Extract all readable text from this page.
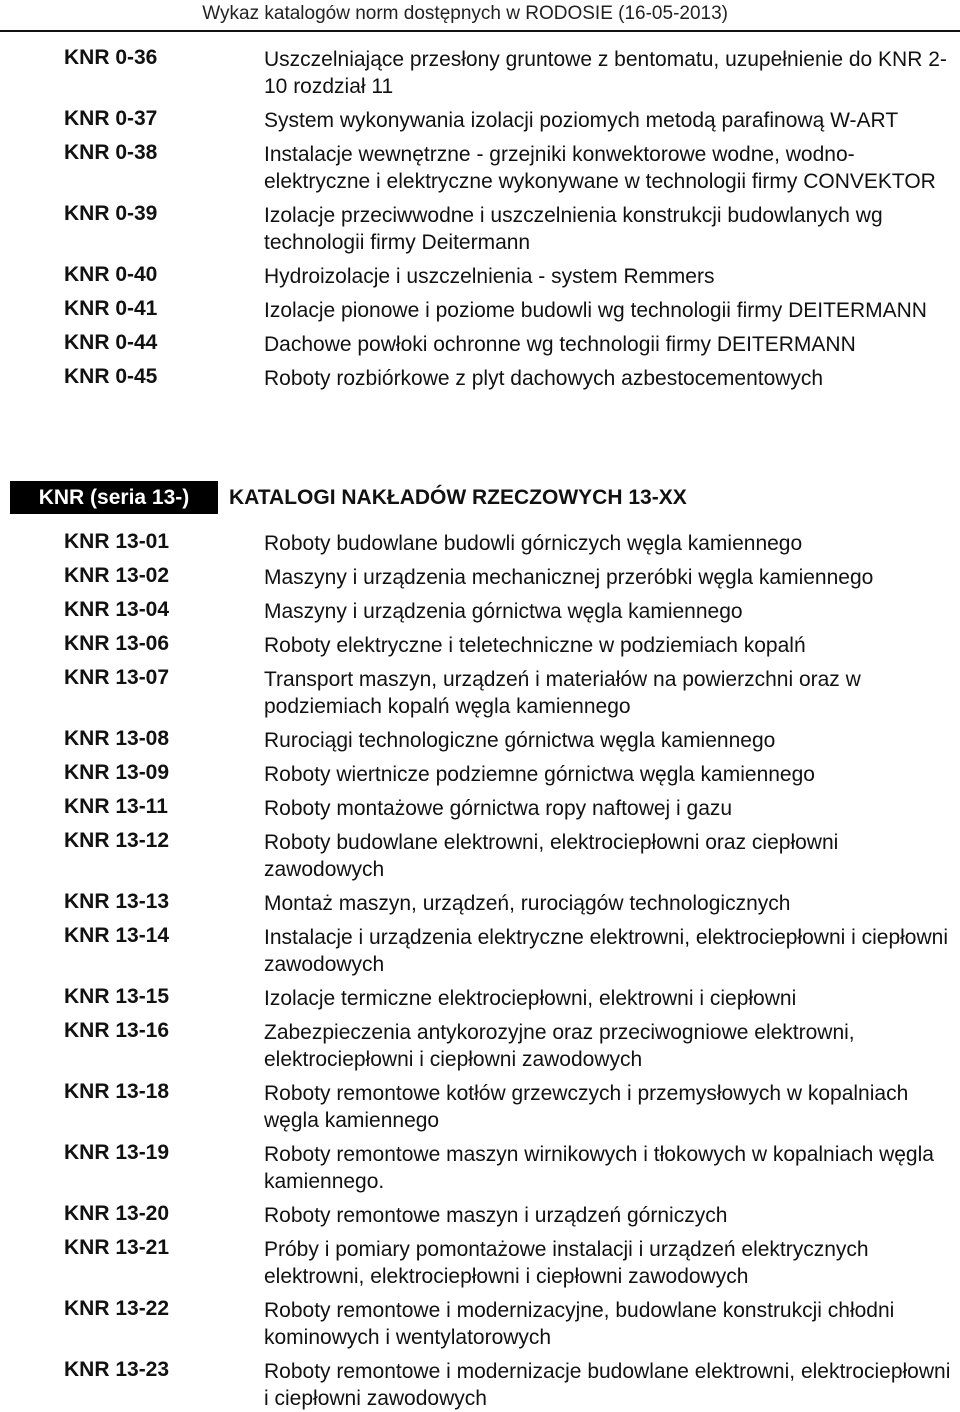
Wykaz katalogów norm dostępnych w RODOSIE (16-05-2013)
KNR 0-36	Uszczelniające przesłony gruntowe z bentomatu, uzupełnienie do KNR 2-10 rozdział 11
KNR 0-37	System wykonywania izolacji poziomych metodą parafinową W-ART
KNR 0-38	Instalacje wewnętrzne - grzejniki konwektorowe wodne, wodno-elektryczne i elektryczne wykonywane w technologii firmy CONVEKTOR
KNR 0-39	Izolacje przeciwwodne i uszczelnienia konstrukcji budowlanych wg technologii firmy Deitermann
KNR 0-40	Hydroizolacje i uszczelnienia - system Remmers
KNR 0-41	Izolacje pionowe i poziome budowli wg technologii firmy DEITERMANN
KNR 0-44	Dachowe powłoki ochronne wg technologii firmy DEITERMANN
KNR 0-45	Roboty rozbiórkowe z plyt dachowych azbestocementowych
KNR (seria 13-)	KATALOGI NAKŁADÓW RZECZOWYCH 13-XX
KNR 13-01	Roboty budowlane budowli górniczych węgla kamiennego
KNR 13-02	Maszyny i urządzenia mechanicznej przeróbki węgla kamiennego
KNR 13-04	Maszyny i urządzenia górnictwa węgla kamiennego
KNR 13-06	Roboty elektryczne i teletechniczne w podziemiach kopalń
KNR 13-07	Transport maszyn, urządzeń i materiałów na powierzchni oraz w podziemiach kopalń węgla kamiennego
KNR 13-08	Rurociągi technologiczne górnictwa węgla kamiennego
KNR 13-09	Roboty wiertnicze podziemne górnictwa węgla kamiennego
KNR 13-11	Roboty montażowe górnictwa ropy naftowej i gazu
KNR 13-12	Roboty budowlane elektrowni, elektrociepłowni oraz ciepłowni zawodowych
KNR 13-13	Montaż maszyn, urządzeń, rurociągów technologicznych
KNR 13-14	Instalacje i urządzenia elektryczne elektrowni, elektrociepłowni i ciepłowni zawodowych
KNR 13-15	Izolacje termiczne elektrociepłowni, elektrowni i ciepłowni
KNR 13-16	Zabezpieczenia antykorozyjne oraz przeciwogniowe elektrowni, elektrociepłowni i ciepłowni zawodowych
KNR 13-18	Roboty remontowe kotłów grzewczych i przemysłowych w kopalniach węgla kamiennego
KNR 13-19	Roboty remontowe maszyn wirnikowych i tłokowych w kopalniach węgla kamiennego.
KNR 13-20	Roboty remontowe maszyn i urządzeń górniczych
KNR 13-21	Próby i pomiary pomontażowe instalacji i urządzeń elektrycznych elektrowni, elektrociepłowni i ciepłowni zawodowych
KNR 13-22	Roboty remontowe i modernizacyjne, budowlane konstrukcji chłodni kominowych i wentylatorowych
KNR 13-23	Roboty remontowe i modernizacje budowlane elektrowni, elektrociepłowni i ciepłowni zawodowych
